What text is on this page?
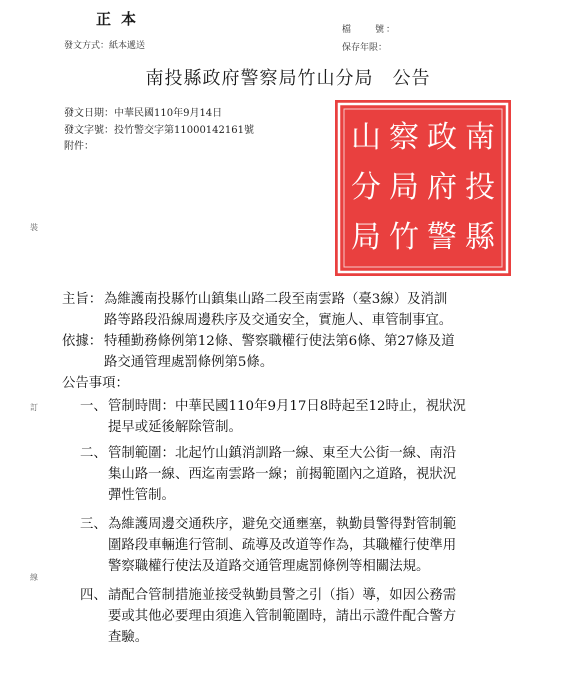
正本
發文方式：紙本遞送
檔　　號：
保存年限：
南投縣政府警察局竹山分局　公告
發文日期：中華民國110年9月14日
發文字號：投竹警交字第11000142161號
附件：	南
投
縣
政
府
警
察
局
竹
山
分
局
裝
訂
線
主旨： 為維護南投縣竹山鎮集山路二段至南雲路（臺3線）及消訓
路等路段沿線周邊秩序及交通安全，實施人、車管制事宜。
依據： 特種勤務條例第12條、警察職權行使法第6條、第27條及道
路交通管理處罰條例第5條。
公告事項：
一、 管制時間：中華民國110年9月17日8時起至12時止，視狀況
提早或延後解除管制。
二、 管制範圍：北起竹山鎮消訓路一線、東至大公街一線、南沿
集山路一線、西迄南雲路一線；前揭範圍內之道路，視狀況
彈性管制。
三、 為維護周邊交通秩序，避免交通壅塞，執勤員警得對管制範
圍路段車輛進行管制、疏導及改道等作為，其職權行使準用
警察職權行使法及道路交通管理處罰條例等相關法規。
四、 請配合管制措施並接受執勤員警之引（指）導，如因公務需
要或其他必要理由須進入管制範圍時，請出示證件配合警方
查驗。
